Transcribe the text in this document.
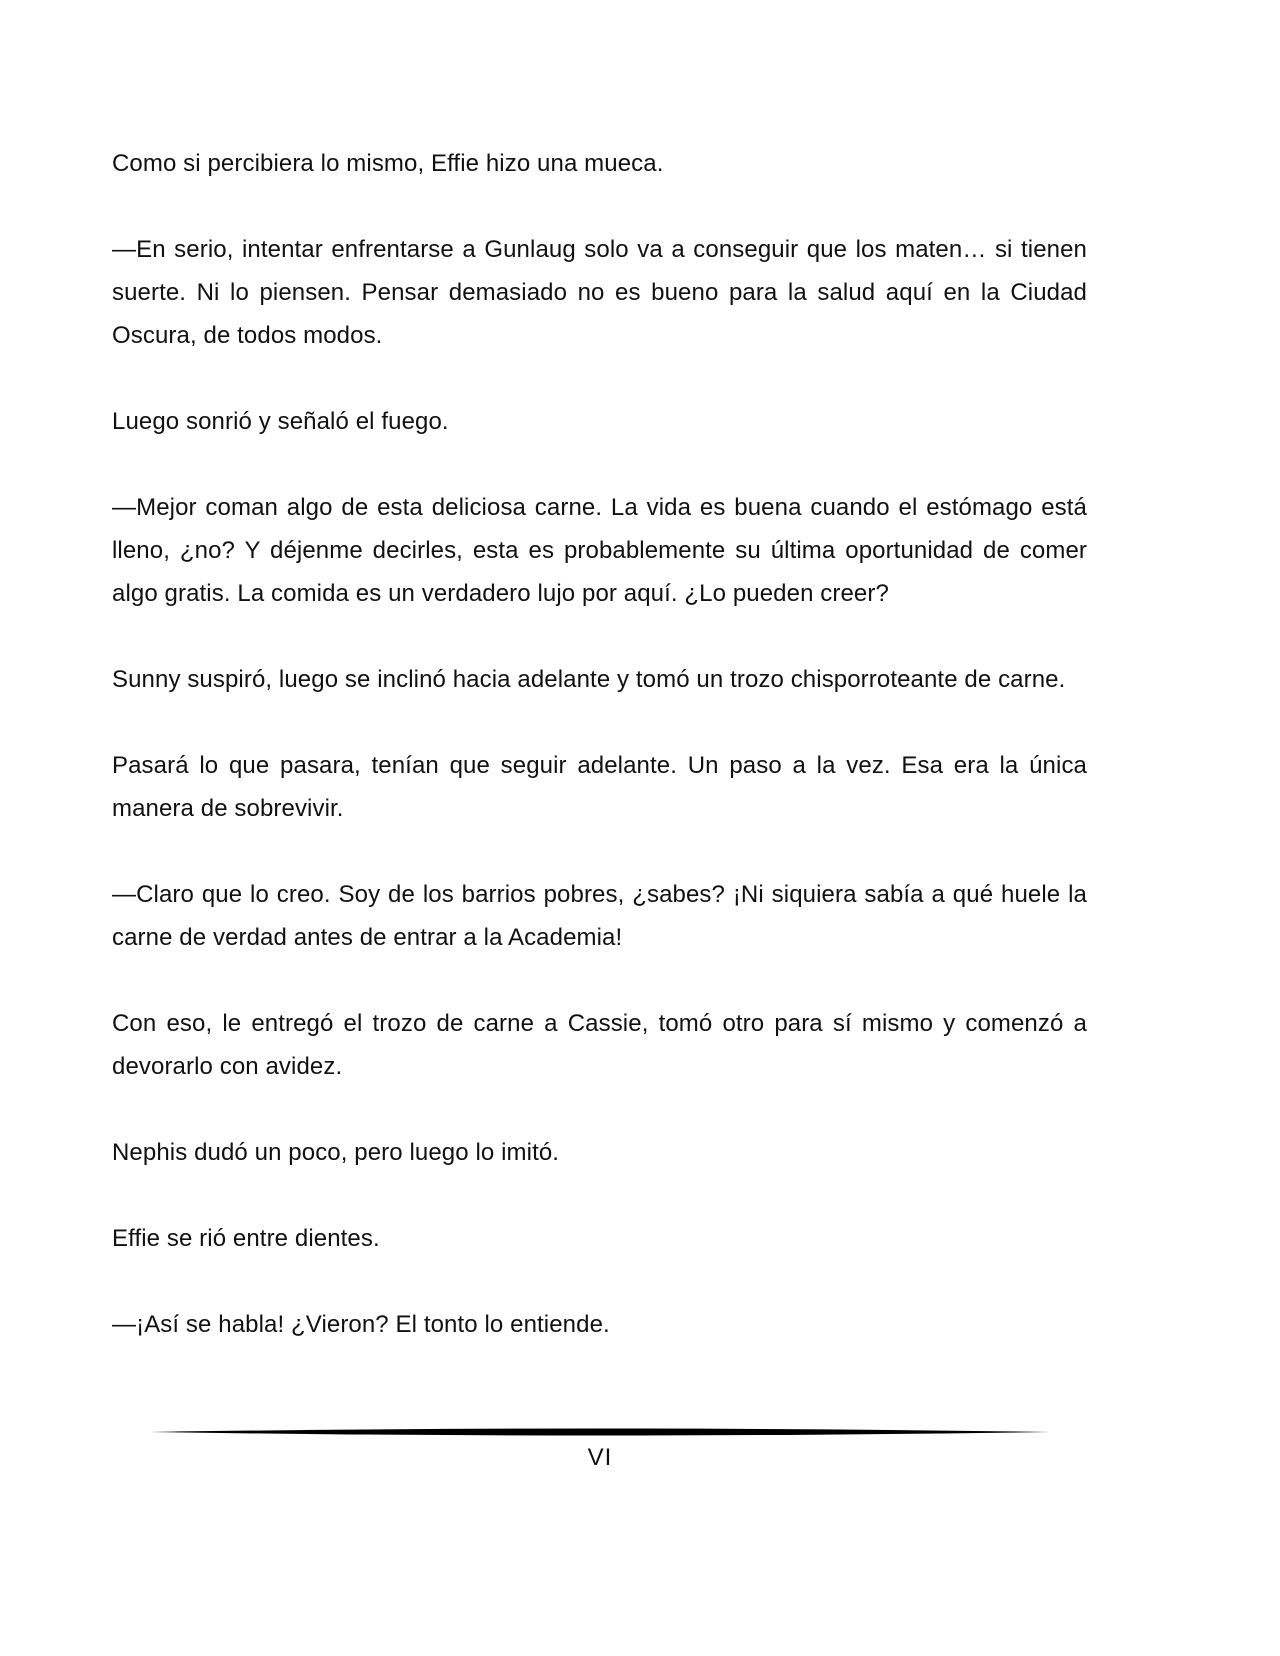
Como si percibiera lo mismo, Effie hizo una mueca.

—En serio, intentar enfrentarse a Gunlaug solo va a conseguir que los maten… si tienen suerte. Ni lo piensen. Pensar demasiado no es bueno para la salud aquí en la Ciudad Oscura, de todos modos.

Luego sonrió y señaló el fuego.

—Mejor coman algo de esta deliciosa carne. La vida es buena cuando el estómago está lleno, ¿no? Y déjenme decirles, esta es probablemente su última oportunidad de comer algo gratis. La comida es un verdadero lujo por aquí. ¿Lo pueden creer?

Sunny suspiró, luego se inclinó hacia adelante y tomó un trozo chisporroteante de carne.

Pasará lo que pasara, tenían que seguir adelante. Un paso a la vez. Esa era la única manera de sobrevivir.

—Claro que lo creo. Soy de los barrios pobres, ¿sabes? ¡Ni siquiera sabía a qué huele la carne de verdad antes de entrar a la Academia!

Con eso, le entregó el trozo de carne a Cassie, tomó otro para sí mismo y comenzó a devorarlo con avidez.

Nephis dudó un poco, pero luego lo imitó.

Effie se rió entre dientes.

—¡Así se habla! ¿Vieron? El tonto lo entiende.

VI
